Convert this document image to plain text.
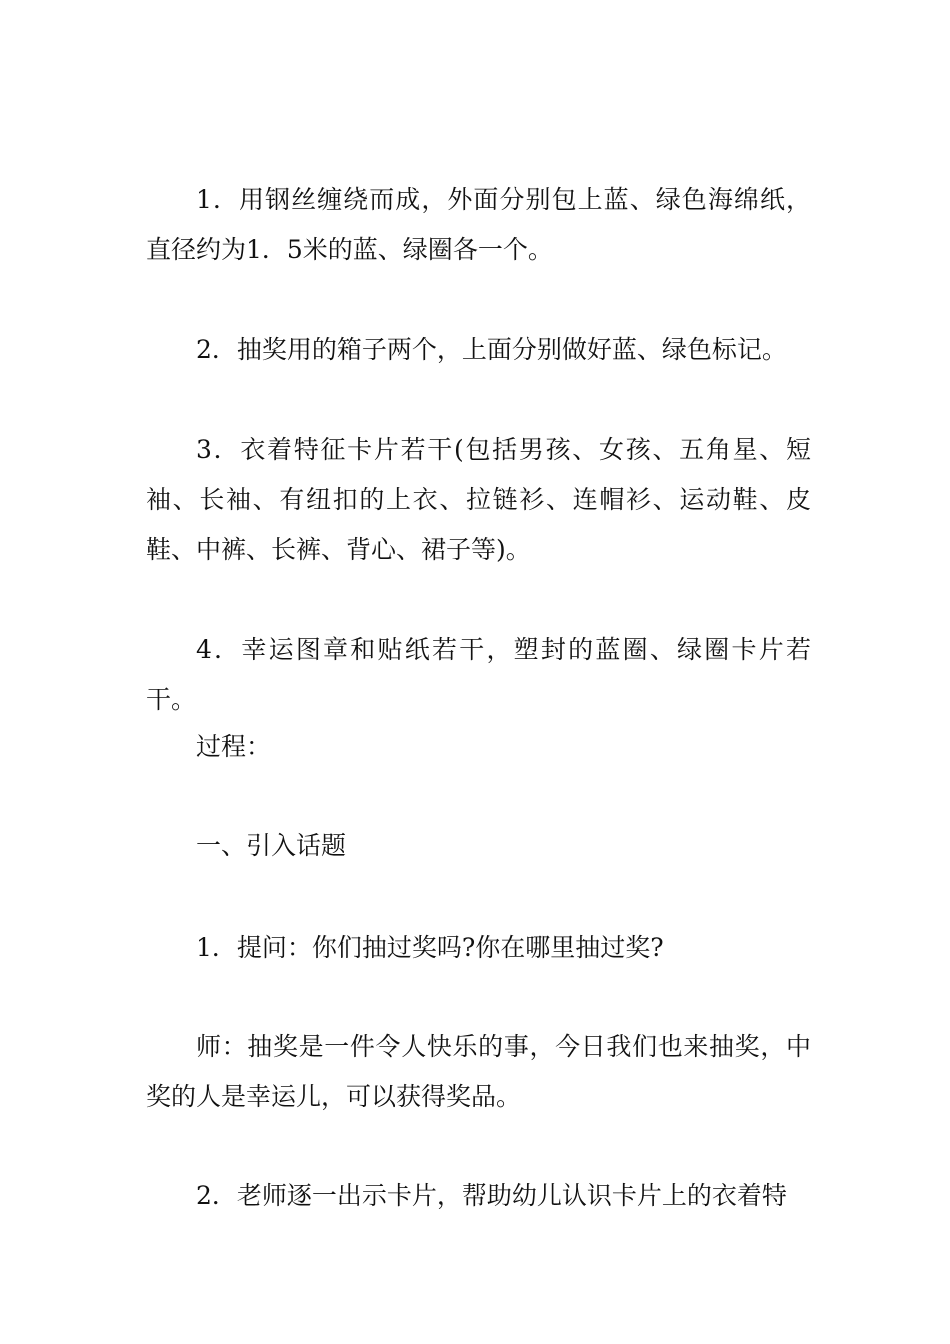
1．用钢丝缠绕而成，外面分别包上蓝、绿色海绵纸，直径约为1．5米的蓝、绿圈各一个。

2．抽奖用的箱子两个，上面分别做好蓝、绿色标记。

3．衣着特征卡片若干(包括男孩、女孩、五角星、短袖、长袖、有纽扣的上衣、拉链衫、连帽衫、运动鞋、皮鞋、中裤、长裤、背心、裙子等)。

4．幸运图章和贴纸若干，塑封的蓝圈、绿圈卡片若干。

过程：

一、引入话题

1．提问：你们抽过奖吗?你在哪里抽过奖?

师：抽奖是一件令人快乐的事，今日我们也来抽奖，中奖的人是幸运儿，可以获得奖品。

2．老师逐一出示卡片，帮助幼儿认识卡片上的衣着特
